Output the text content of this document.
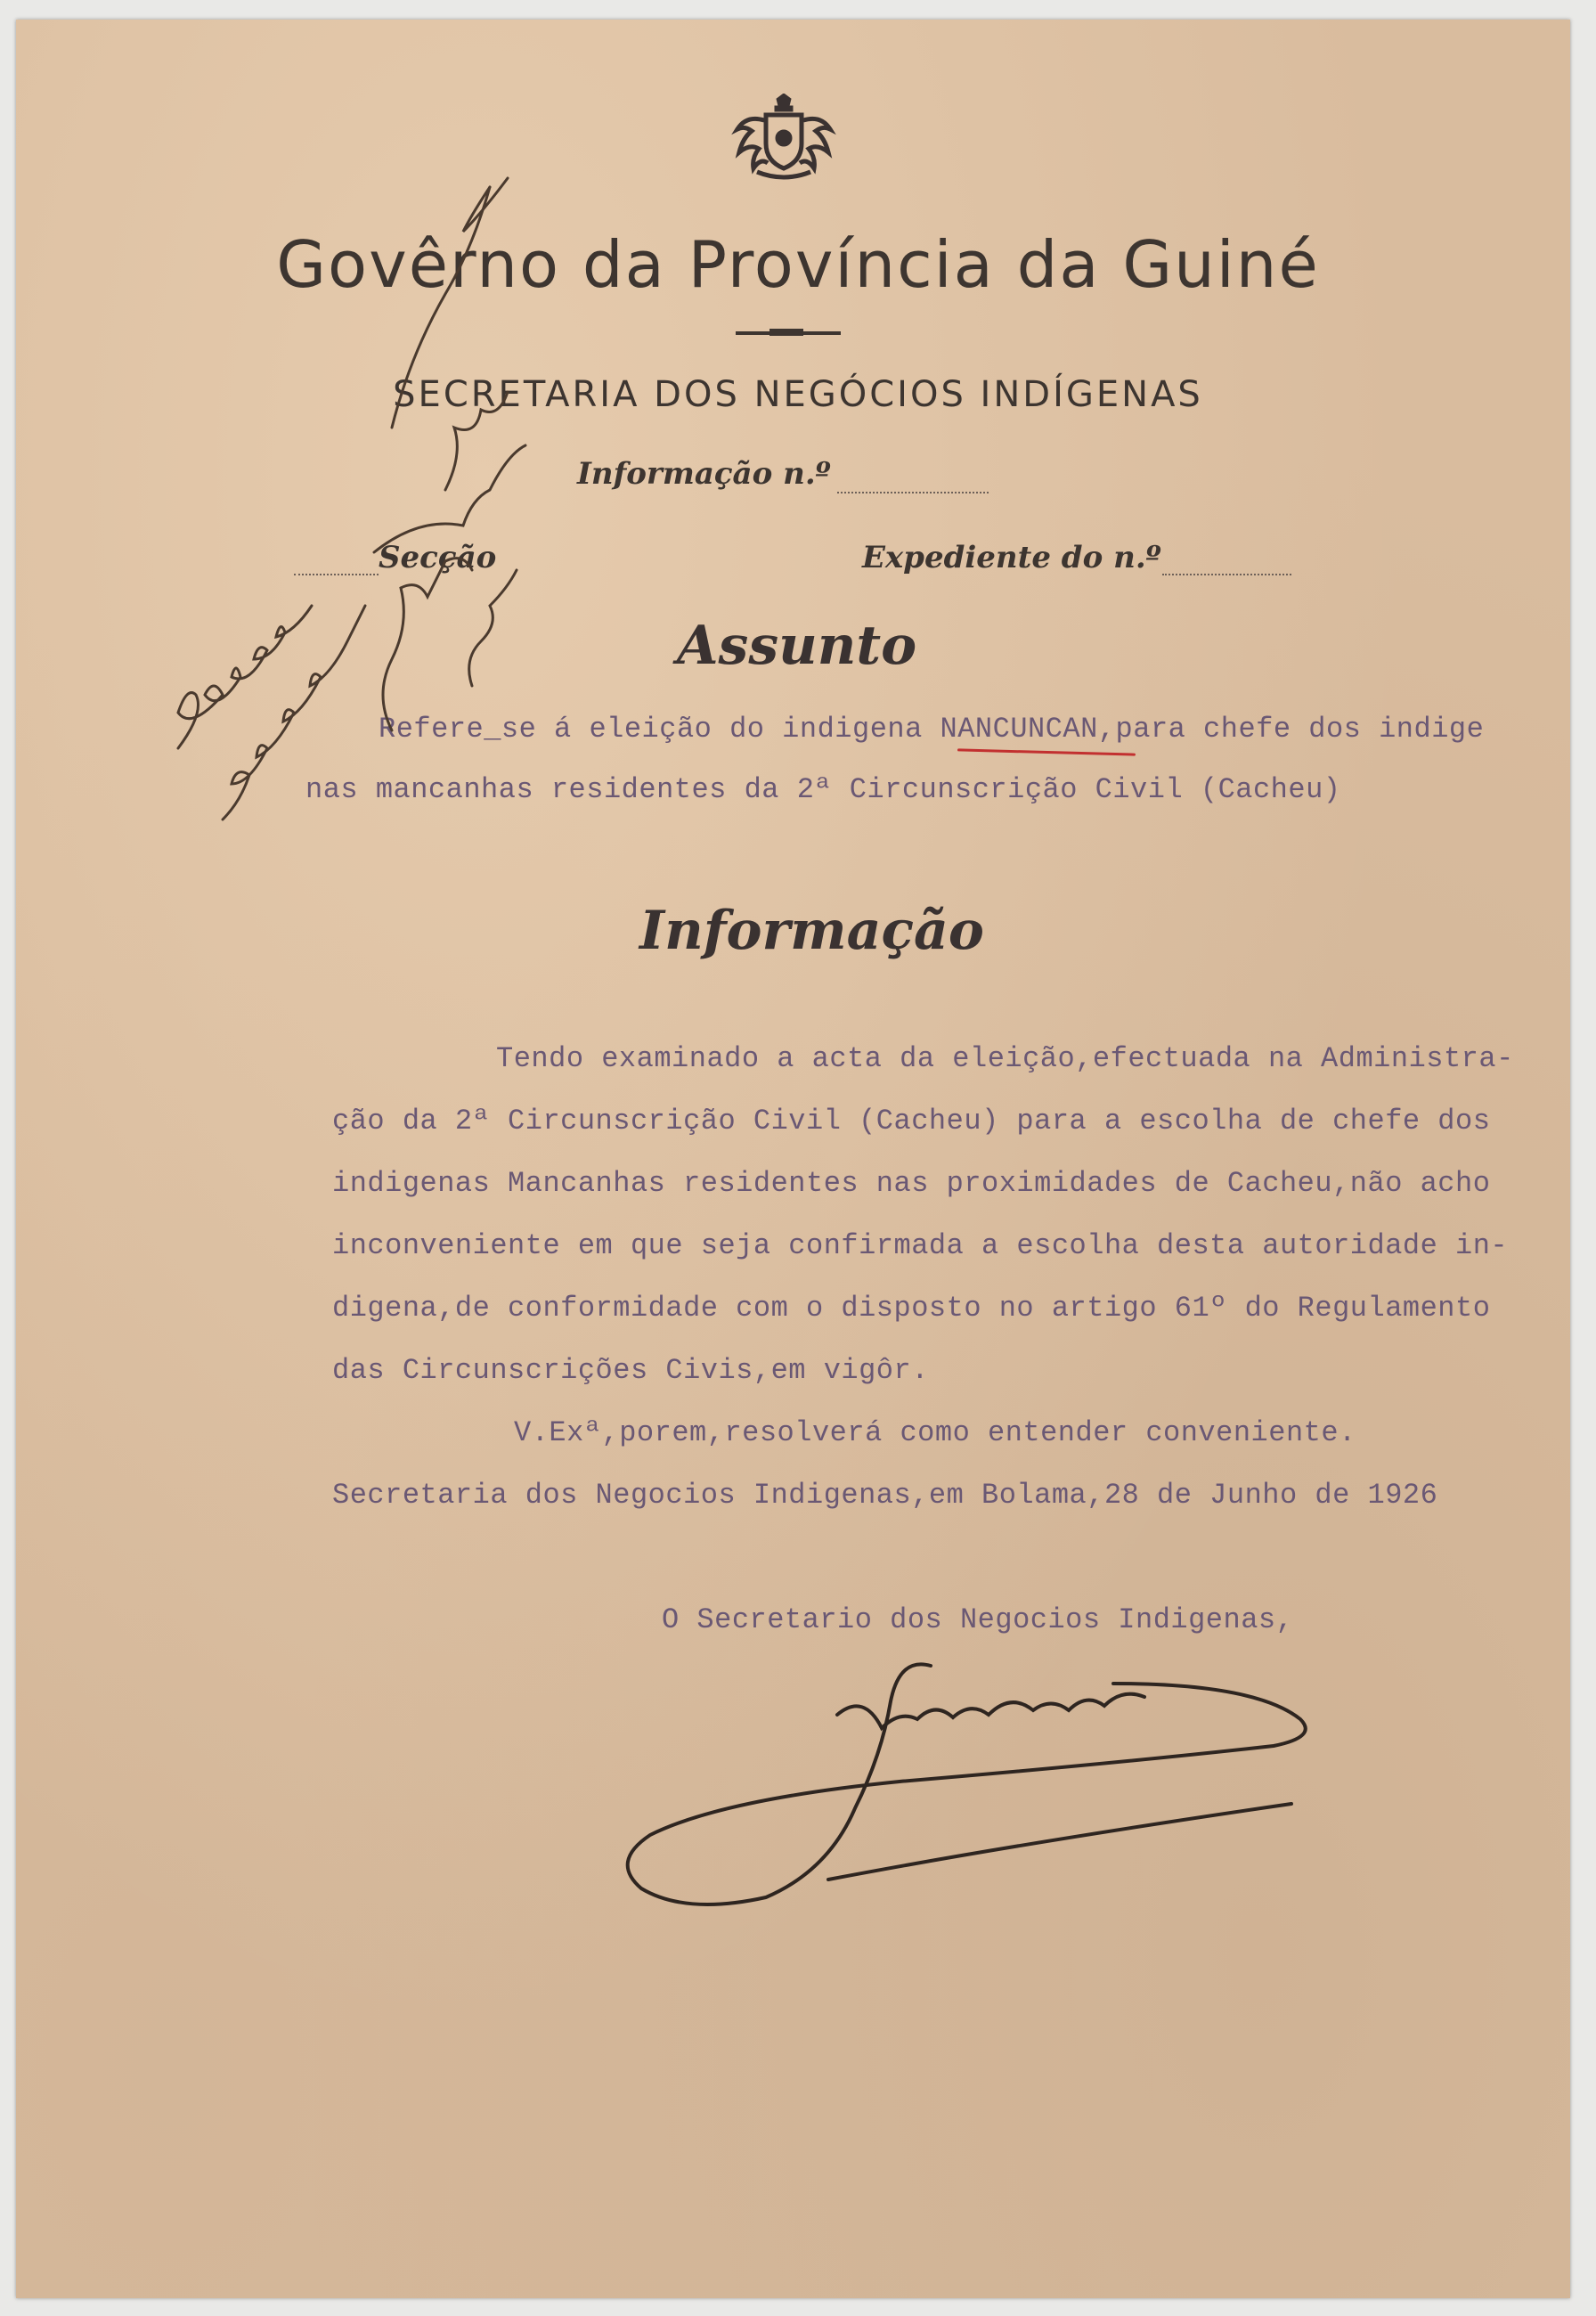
Govêrno da Província da Guiné
SECRETARIA DOS NEGÓCIOS INDÍGENAS
Informação n.º
Secção	Expediente do n.º
Assunto
Refere_se á eleição do indigena NANCUNCAN,para chefe dos indige
nas mancanhas residentes da 2ª Circunscrição Civil (Cacheu)
Informação
Tendo examinado a acta da eleição,efectuada na Administra-
ção da 2ª Circunscrição Civil (Cacheu) para a escolha de chefe dos
indigenas Mancanhas residentes nas proximidades de Cacheu,não acho
inconveniente em que seja confirmada a escolha desta autoridade in-
digena,de conformidade com o disposto no artigo 61º do Regulamento
das Circunscrições Civis,em vigôr.
V.Exª,porem,resolverá como entender conveniente.
Secretaria dos Negocios Indigenas,em Bolama,28 de Junho de 1926
O Secretario dos Negocios Indigenas,
